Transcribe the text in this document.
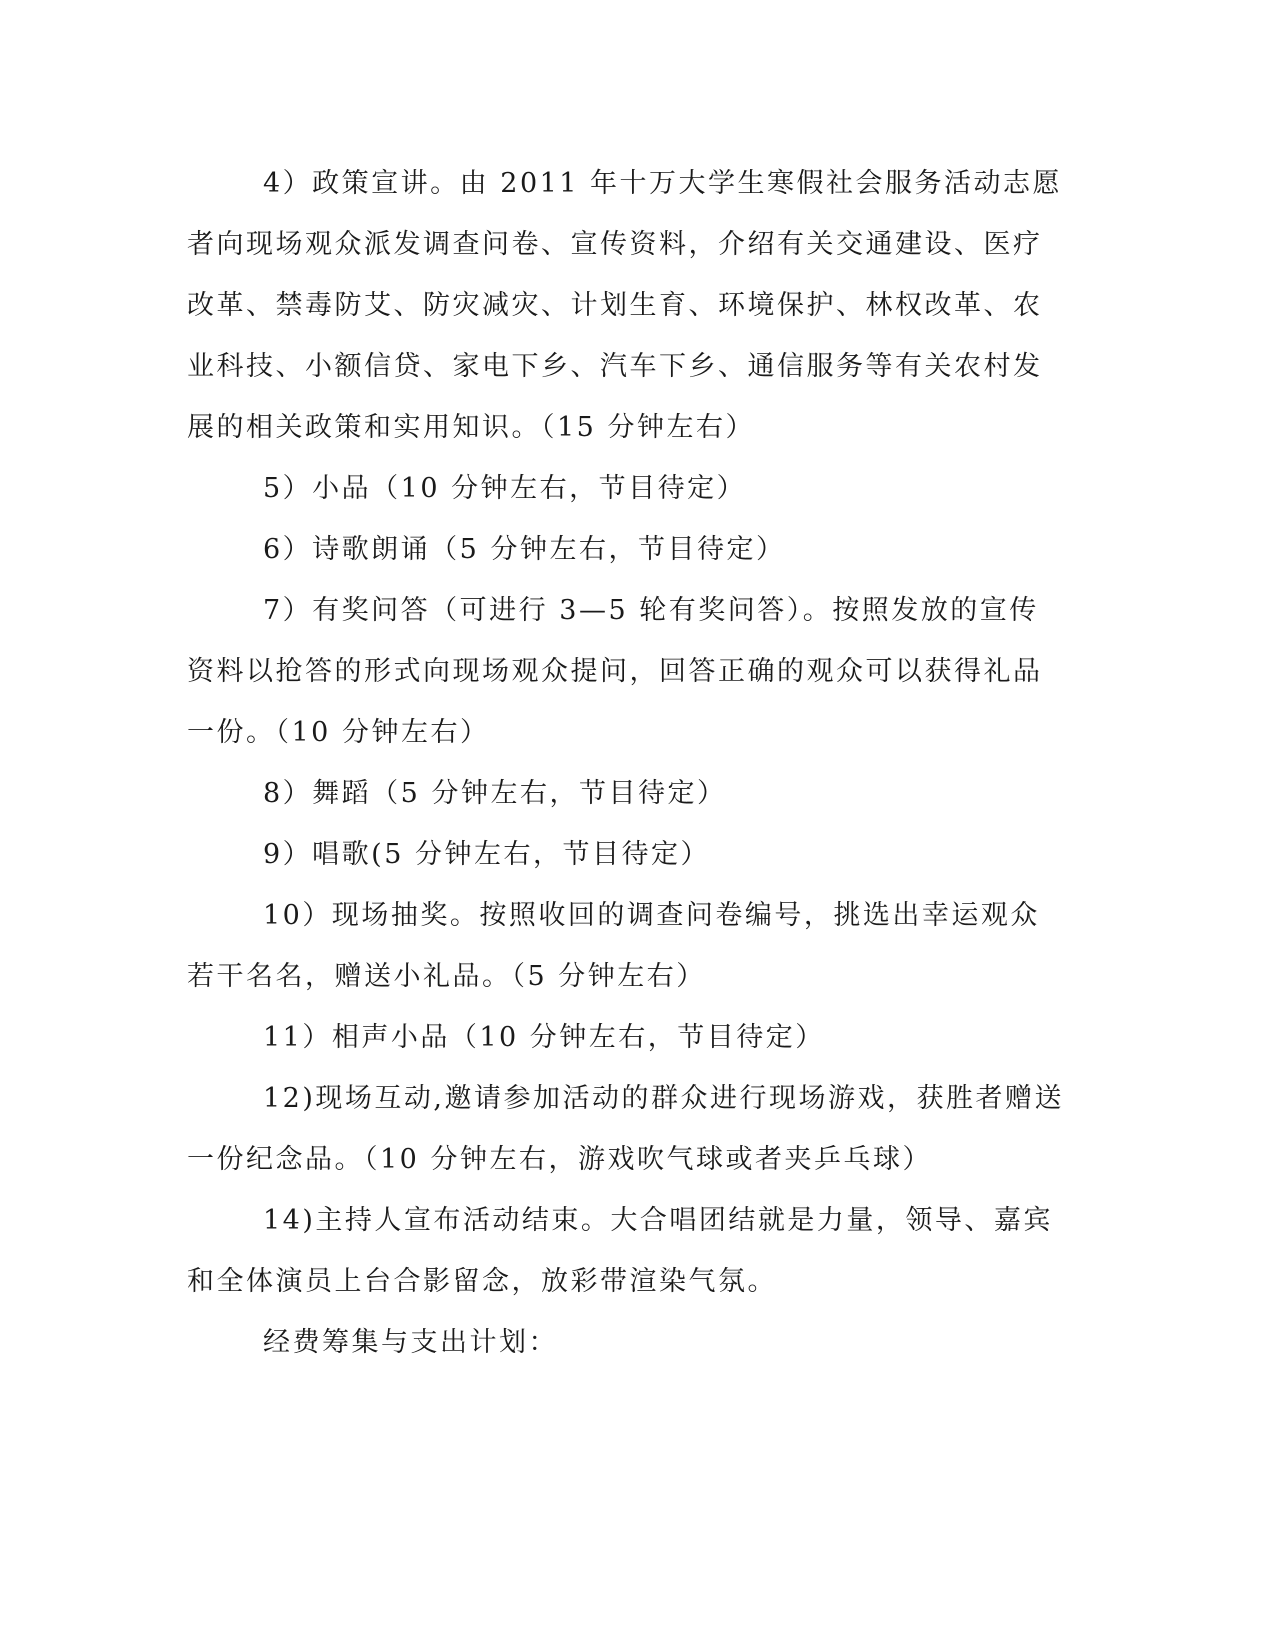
4）政策宣讲。由 2011 年十万大学生寒假社会服务活动志愿者向现场观众派发调查问卷、宣传资料，介绍有关交通建设、医疗改革、禁毒防艾、防灾减灾、计划生育、环境保护、林权改革、农业科技、小额信贷、家电下乡、汽车下乡、通信服务等有关农村发展的相关政策和实用知识。（15 分钟左右）

5）小品（10 分钟左右，节目待定）

6）诗歌朗诵（5 分钟左右，节目待定）

7）有奖问答（可进行 3—5 轮有奖问答）。按照发放的宣传资料以抢答的形式向现场观众提问，回答正确的观众可以获得礼品一份。（10 分钟左右）

8）舞蹈（5 分钟左右，节目待定）

9）唱歌(5 分钟左右，节目待定）

10）现场抽奖。按照收回的调查问卷编号，挑选出幸运观众若干名名，赠送小礼品。（5 分钟左右）

11）相声小品（10 分钟左右，节目待定）

12)现场互动,邀请参加活动的群众进行现场游戏，获胜者赠送一份纪念品。（10 分钟左右，游戏吹气球或者夹乒乓球）

14)主持人宣布活动结束。大合唱团结就是力量，领导、嘉宾和全体演员上台合影留念，放彩带渲染气氛。

经费筹集与支出计划：
